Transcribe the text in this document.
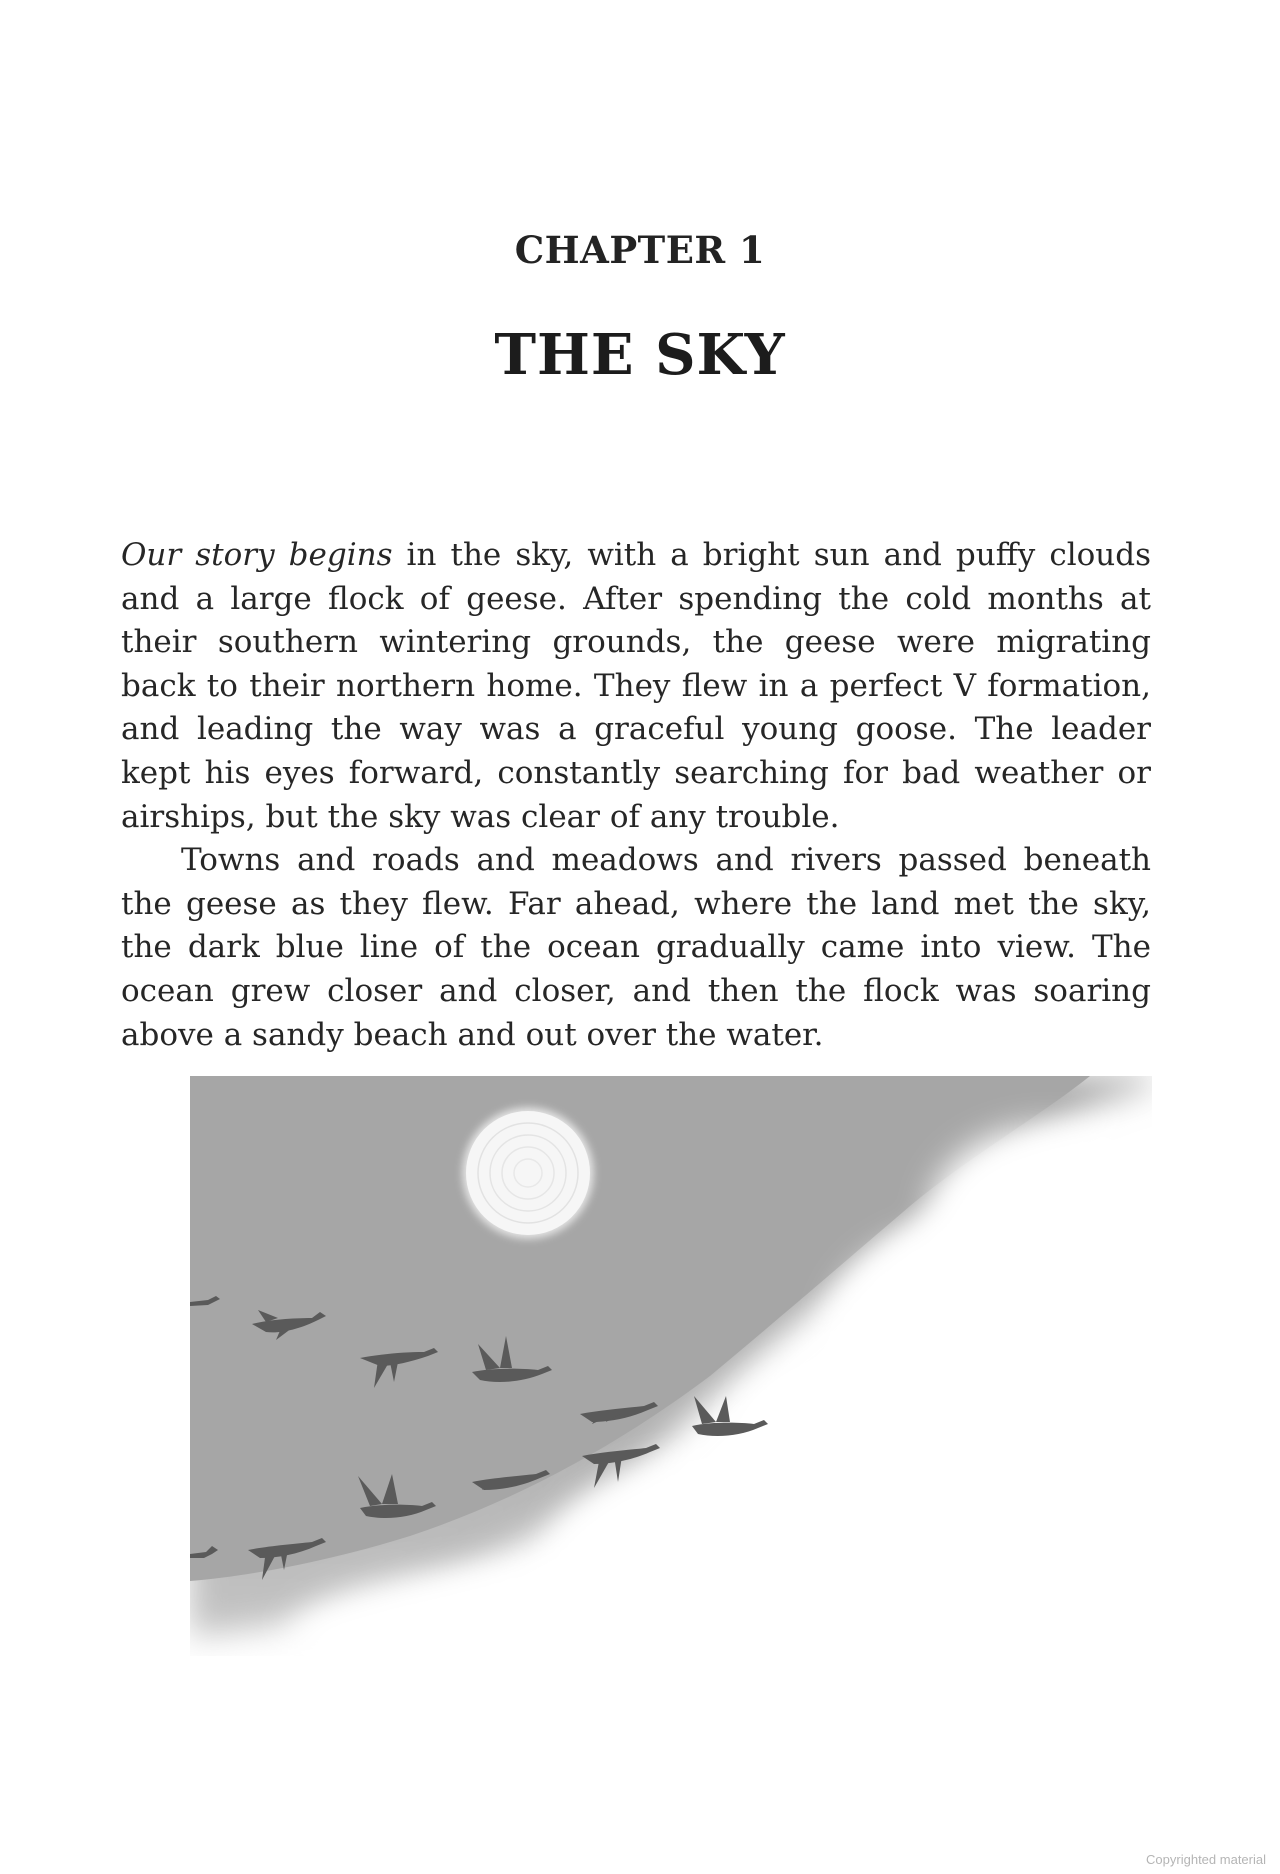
CHAPTER 1
THE SKY

Our story begins in the sky, with a bright sun and puffy clouds and a large flock of geese. After spending the cold months at their southern wintering grounds, the geese were migrating back to their northern home. They flew in a perfect V formation, and leading the way was a graceful young goose. The leader kept his eyes forward, constantly searching for bad weather or airships, but the sky was clear of any trouble.

Towns and roads and meadows and rivers passed beneath the geese as they flew. Far ahead, where the land met the sky, the dark blue line of the ocean gradually came into view. The ocean grew closer and closer, and then the flock was soaring above a sandy beach and out over the water.

Copyrighted material
